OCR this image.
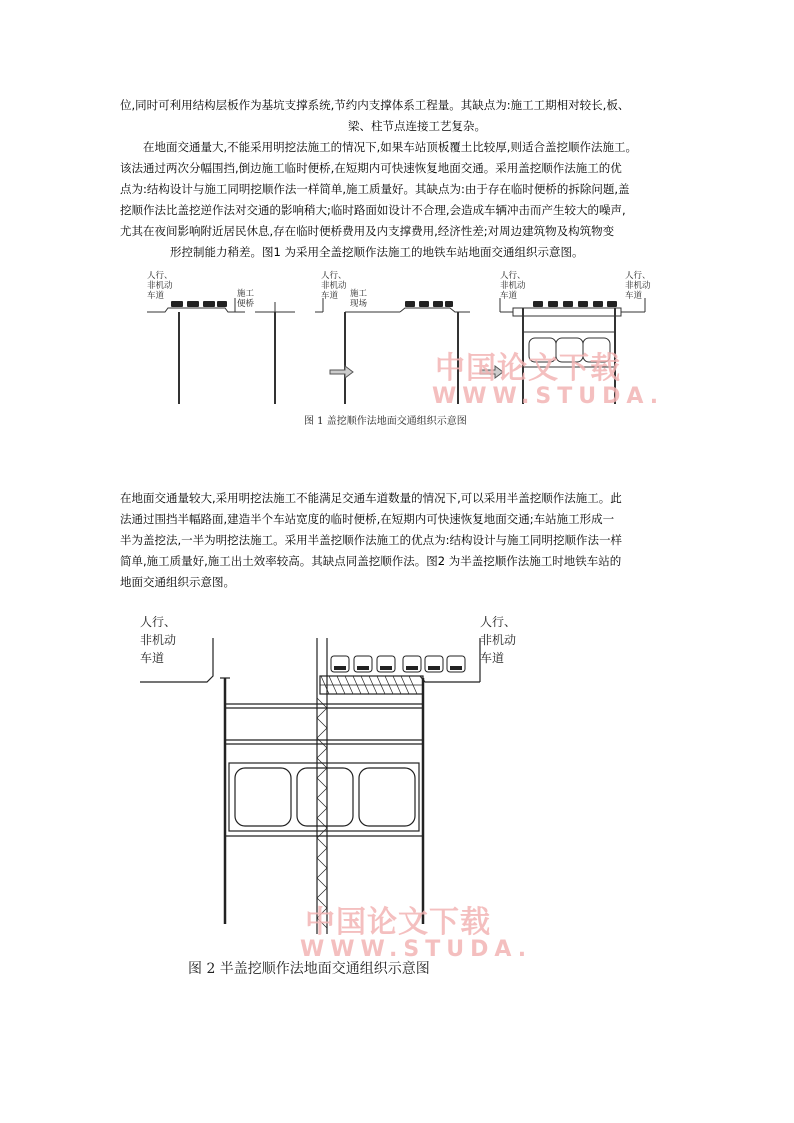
位,同时可利用结构层板作为基坑支撑系统,节约内支撑体系工程量。其缺点为:施工工期相对较长,板、
梁、柱节点连接工艺复杂。
在地面交通量大,不能采用明挖法施工的情况下,如果车站顶板覆土比较厚,则适合盖挖顺作法施工。
该法通过两次分幅围挡,倒边施工临时便桥,在短期内可快速恢复地面交通。采用盖挖顺作法施工的优
点为:结构设计与施工同明挖顺作法一样简单,施工质量好。其缺点为:由于存在临时便桥的拆除问题,盖
挖顺作法比盖挖逆作法对交通的影响稍大;临时路面如设计不合理,会造成车辆冲击而产生较大的噪声,
尤其在夜间影响附近居民休息,存在临时便桥费用及内支撑费用,经济性差;对周边建筑物及构筑物变
形控制能力稍差。图1 为采用全盖挖顺作法施工的地铁车站地面交通组织示意图。
人行、
非机动
车道	施工
便桥
人行、
非机动
车道 施工
现场
人行、
非机动
车道
人行、
非机动
车道
中国论文下载
WWW.STUDA.
图 1 盖挖顺作法地面交通组织示意图
在地面交通量较大,采用明挖法施工不能满足交通车道数量的情况下,可以采用半盖挖顺作法施工。此
法通过围挡半幅路面,建造半个车站宽度的临时便桥,在短期内可快速恢复地面交通;车站施工形成一
半为盖挖法,一半为明挖法施工。采用半盖挖顺作法施工的优点为:结构设计与施工同明挖顺作法一样
简单,施工质量好,施工出土效率较高。其缺点同盖挖顺作法。图2 为半盖挖顺作法施工时地铁车站的
地面交通组织示意图。
人行、
非机动
车道
人行、
非机动
车道
中国论文下载
WWW.STUDA.
图 2 半盖挖顺作法地面交通组织示意图
